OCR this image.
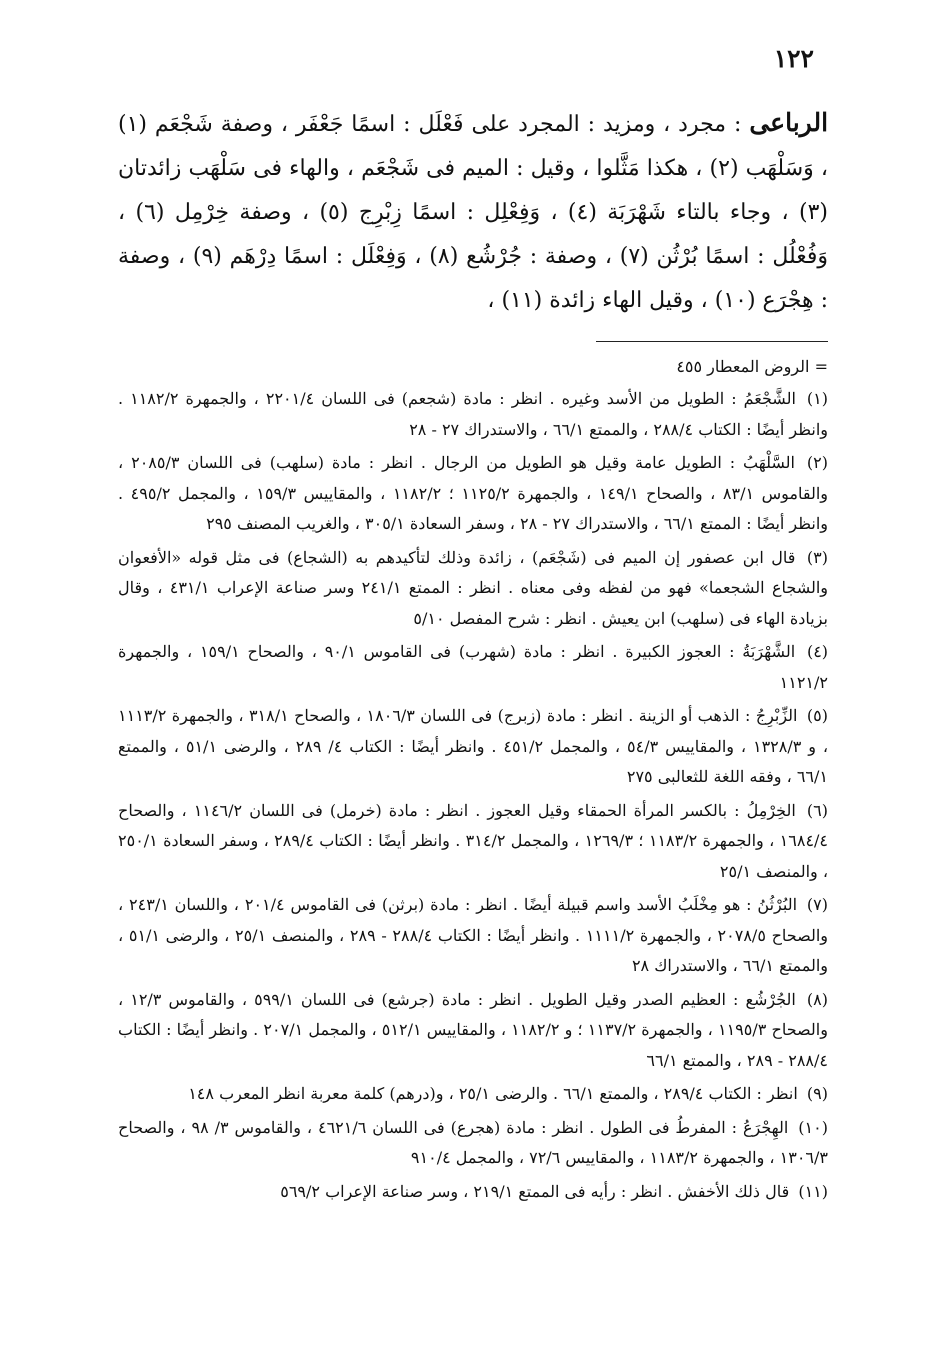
١٢٢

الرباعى : مجرد ، ومزيد : المجرد على فَعْلَل : اسمًا جَعْفَر ، وصفة شَجْعَم (١) ، وَسَلْهَب (٢) ، هكذا مَثَّلوا ، وقيل : الميم فى شَجْعَم ، والهاء فى سَلْهَب زائدتان (٣) ، وجاء بالتاء شَهْرَبَة (٤) ، وَفِعْلِل : اسمًا زِبْرِج (٥) ، وصفة خِرْمِل (٦) ، وَفُعْلُل : اسمًا بُرْثُن (٧) ، وصفة : جُرْشُع (٨) ، وَفِعْلَل : اسمًا دِرْهَم (٩) ، وصفة : هِجْرَع (١٠) ، وقيل الهاء زائدة (١١) ،

= الروض المعطار ٤٥٥
(١) الشَّجْعَمُ : الطويل من الأسد وغيره . انظر : مادة (شجعم) فى اللسان ٢٢٠١/٤ ، والجمهرة ١١٨٢/٢ . وانظر أيضًا : الكتاب ٢٨٨/٤ ، والممتع ٦٦/١ ، والاستدراك ٢٧ - ٢٨
(٢) السَّلْهَبُ : الطويل عامة وقيل هو الطويل من الرجال . انظر : مادة (سلهب) فى اللسان ٢٠٨٥/٣ ، والقاموس ٨٣/١ ، والصحاح ١٤٩/١ ، والجمهرة ١١٢٥/٢ ؛ ١١٨٢/٢ ، والمقاييس ١٥٩/٣ ، والمجمل ٤٩٥/٢ . وانظر أيضًا : الممتع ٦٦/١ ، والاستدراك ٢٧ - ٢٨ ، وسفر السعادة ٣٠٥/١ ، والغريب المصنف ٢٩٥
(٣) قال ابن عصفور إن الميم فى (شَجْعَم) ، زائدة وذلك لتأكيدهم به (الشجاع) فى مثل قوله «الأفعوان والشجاع الشجعما» فهو من لفظه وفى معناه . انظر : الممتع ٢٤١/١ وسر صناعة الإعراب ٤٣١/١ ، وقال بزيادة الهاء فى (سلهب) ابن يعيش . انظر : شرح المفصل ٥/١٠
(٤) الشَّهْرَبَةُ : العجوز الكبيرة . انظر : مادة (شهرب) فى القاموس ٩٠/١ ، والصحاح ١٥٩/١ ، والجمهرة ١١٢١/٢
(٥) الزِّبْرِجُ : الذهب أو الزينة . انظر : مادة (زبرج) فى اللسان ١٨٠٦/٣ ، والصحاح ٣١٨/١ ، والجمهرة ١١١٣/٢ ، و ١٣٢٨/٣ ، والمقاييس ٥٤/٣ ، والمجمل ٤٥١/٢ . وانظر أيضًا : الكتاب ٤/ ٢٨٩ ، والرضى ٥١/١ ، والممتع ٦٦/١ ، وفقه اللغة للثعالبى ٢٧٥
(٦) الخِرْمِلُ : بالكسر المرأة الحمقاء وقيل العجوز . انظر : مادة (خرمل) فى اللسان ١١٤٦/٢ ، والصحاح ١٦٨٤/٤ ، والجمهرة ١١٨٣/٢ ؛ ١٢٦٩/٣ ، والمجمل ٣١٤/٢ . وانظر أيضًا : الكتاب ٢٨٩/٤ ، وسفر السعادة ٢٥٠/١ ، والمنصف ٢٥/١
(٧) البُرْثُنُ : هو مِخْلَبُ الأسد واسم قبيلة أيضًا . انظر : مادة (برثن) فى القاموس ٢٠١/٤ ، واللسان ٢٤٣/١ ، والصحاح ٢٠٧٨/٥ ، والجمهرة ١١١١/٢ . وانظر أيضًا : الكتاب ٢٨٨/٤ - ٢٨٩ ، والمنصف ٢٥/١ ، والرضى ٥١/١ ، والممتع ٦٦/١ ، والاستدراك ٢٨
(٨) الجُرْشُع : العظيم الصدر وقيل الطويل . انظر : مادة (جرشع) فى اللسان ٥٩٩/١ ، والقاموس ١٢/٣ ، والصحاح ١١٩٥/٣ ، والجمهرة ١١٣٧/٢ ؛ و ١١٨٢/٢ ، والمقاييس ٥١٢/١ ، والمجمل ٢٠٧/١ . وانظر أيضًا : الكتاب ٢٨٨/٤ - ٢٨٩ ، والممتع ٦٦/١
(٩) انظر : الكتاب ٢٨٩/٤ ، والممتع ٦٦/١ . والرضى ٢٥/١ ، و(درهم) كلمة معربة انظر المعرب ١٤٨
(١٠) الهِجْرَعُ : المفرطُ فى الطول . انظر : مادة (هجرع) فى اللسان ٤٦٢١/٦ ، والقاموس ٣/ ٩٨ ، والصحاح ١٣٠٦/٣ ، والجمهرة ١١٨٣/٢ ، والمقاييس ٧٢/٦ ، والمجمل ٩١٠/٤
(١١) قال ذلك الأخفش . انظر : رأيه فى الممتع ٢١٩/١ ، وسر صناعة الإعراب ٥٦٩/٢
